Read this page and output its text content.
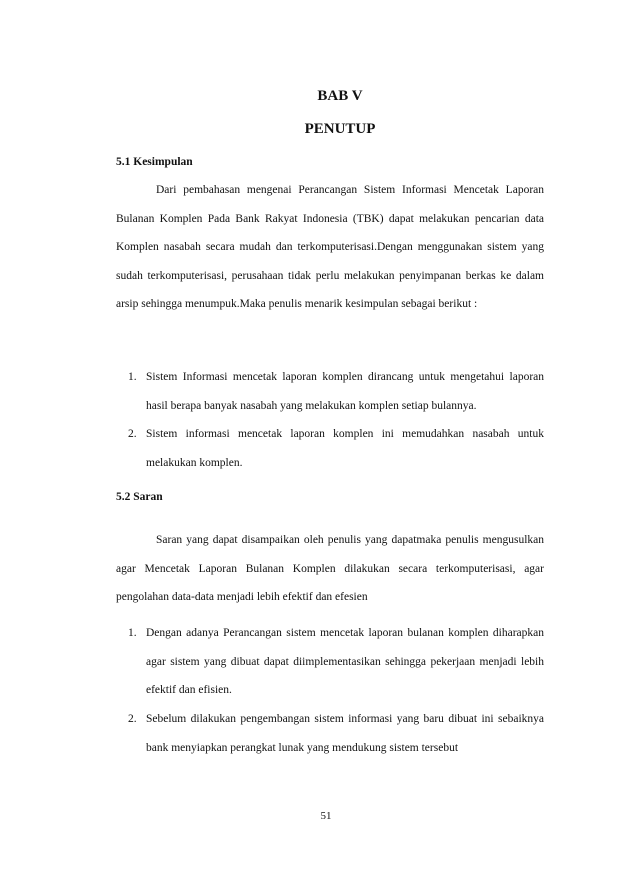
BAB V
PENUTUP
5.1 Kesimpulan
Dari pembahasan mengenai Perancangan Sistem Informasi Mencetak Laporan Bulanan Komplen Pada Bank Rakyat Indonesia (TBK) dapat melakukan pencarian data Komplen nasabah secara mudah dan terkomputerisasi.Dengan menggunakan sistem yang sudah terkomputerisasi, perusahaan tidak perlu melakukan penyimpanan berkas ke dalam arsip sehingga menumpuk.Maka penulis menarik kesimpulan sebagai berikut :
1. Sistem Informasi mencetak laporan komplen dirancang untuk mengetahui laporan hasil berapa banyak nasabah yang melakukan komplen setiap bulannya.
2. Sistem informasi mencetak laporan komplen ini memudahkan nasabah untuk melakukan komplen.
5.2 Saran
Saran yang dapat disampaikan oleh penulis yang dapatmaka penulis mengusulkan agar Mencetak Laporan Bulanan Komplen dilakukan secara terkomputerisasi, agar pengolahan data-data menjadi lebih efektif dan efesien
1. Dengan adanya Perancangan sistem mencetak laporan bulanan komplen diharapkan agar sistem yang dibuat dapat diimplementasikan sehingga pekerjaan menjadi lebih efektif dan efisien.
2. Sebelum dilakukan pengembangan sistem informasi yang baru dibuat ini sebaiknya bank menyiapkan perangkat lunak yang mendukung sistem tersebut
51
